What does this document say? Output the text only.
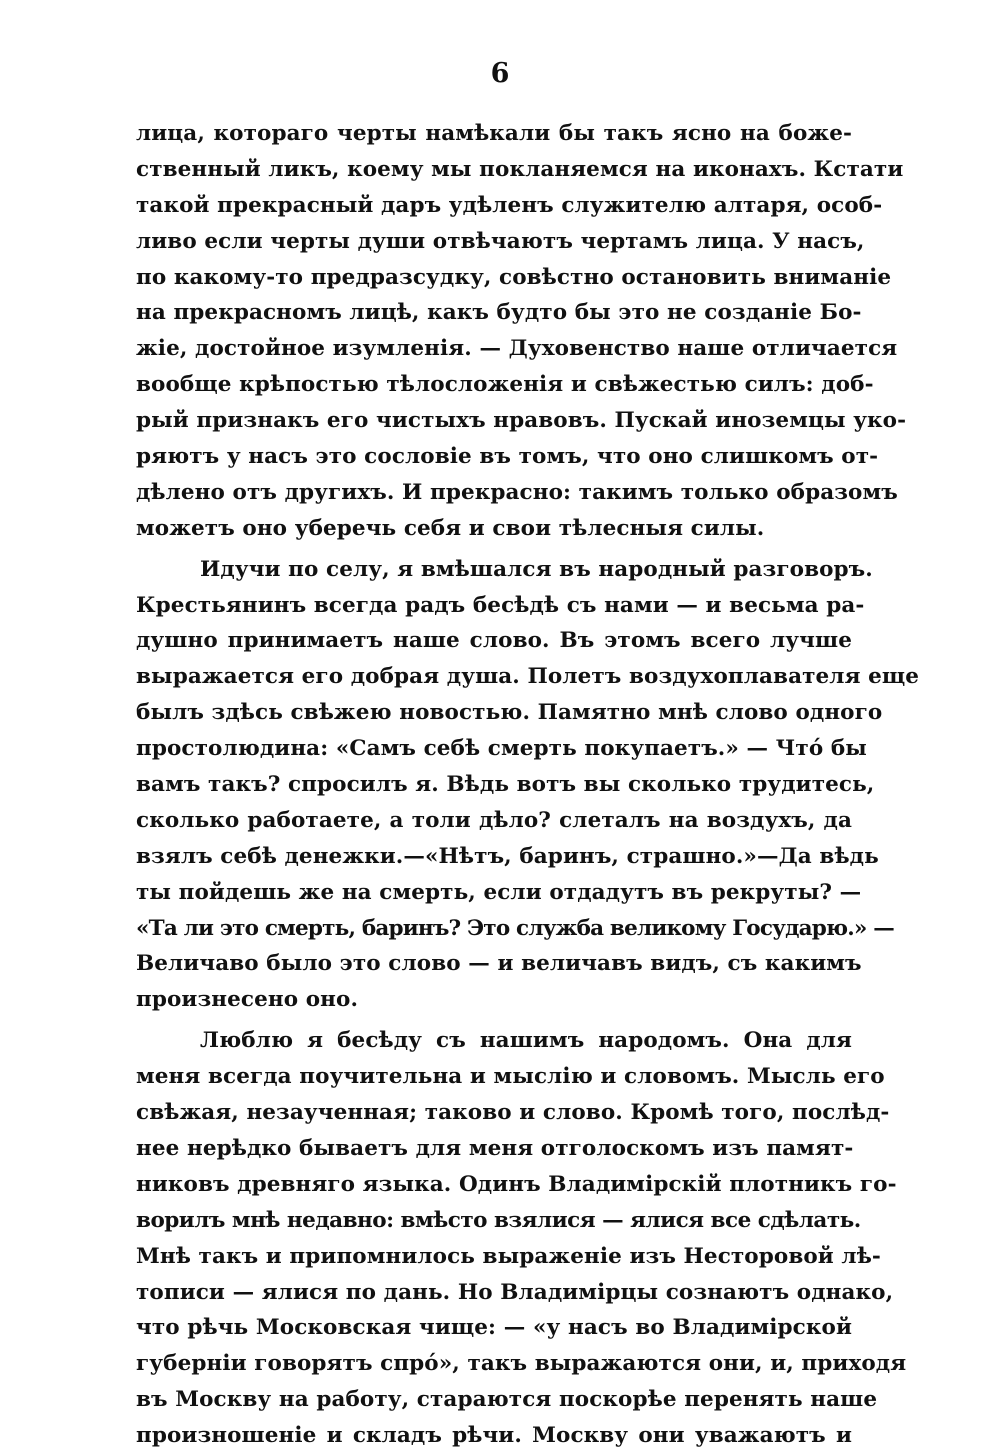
6
лица, котораго черты намѣкали бы такъ ясно на боже-
ственный ликъ, коему мы покланяемся на иконахъ. Кстати
такой прекрасный даръ удѣленъ служителю алтаря, особ-
ливо если черты души отвѣчаютъ чертамъ лица. У насъ,
по какому-то предразсудку, совѣстно остановить вниманіе
на прекрасномъ лицѣ, какъ будто бы это не созданіе Бо-
жіе, достойное изумленія. — Духовенство наше отличается
вообще крѣпостью тѣлосложенія и свѣжестью силъ: доб-
рый признакъ его чистыхъ нравовъ. Пускай иноземцы уко-
ряютъ у насъ это сословіе въ томъ, что оно слишкомъ от-
дѣлено отъ другихъ. И прекрасно: такимъ только образомъ
можетъ оно уберечь себя и свои тѣлесныя силы.
Идучи по селу, я вмѣшался въ народный разговоръ.
Крестьянинъ всегда радъ бесѣдѣ съ нами — и весьма ра-
душно принимаетъ наше слово. Въ этомъ всего лучше
выражается его добрая душа. Полетъ воздухоплавателя еще
былъ здѣсь свѣжею новостью. Памятно мнѣ слово одного
простолюдина: «Самъ себѣ смерть покупаетъ.» — Чтó бы
вамъ такъ? спросилъ я. Вѣдь вотъ вы сколько трудитесь,
сколько работаете, а толи дѣло? слеталъ на воздухъ, да
взялъ себѣ денежки.—«Нѣтъ, баринъ, страшно.»—Да вѣдь
ты пойдешь же на смерть, если отдадутъ въ рекруты? —
«Та ли это смерть, баринъ? Это служба великому Государю.» —
Величаво было это слово — и величавъ видъ, съ какимъ
произнесено оно.
Люблю я бесѣду съ нашимъ народомъ. Она для
меня всегда поучительна и мыслію и словомъ. Мысль его
свѣжая, незаученная; таково и слово. Кромѣ того, послѣд-
нее нерѣдко бываетъ для меня отголоскомъ изъ памят-
никовъ древняго языка. Одинъ Владимірскій плотникъ го-
ворилъ мнѣ недавно: вмѣсто взялися — ялися все сдѣлать.
Мнѣ такъ и припомнилось выраженіе изъ Несторовой лѣ-
тописи — ялися по дань. Но Владимірцы сознаютъ однако,
что рѣчь Московская чище: — «у насъ во Владимірской
губерніи говорятъ спрó», такъ выражаются они, и, приходя
въ Москву на работу, стараются поскорѣе перенять наше
произношеніе и складъ рѣчи. Москву они уважаютъ и
